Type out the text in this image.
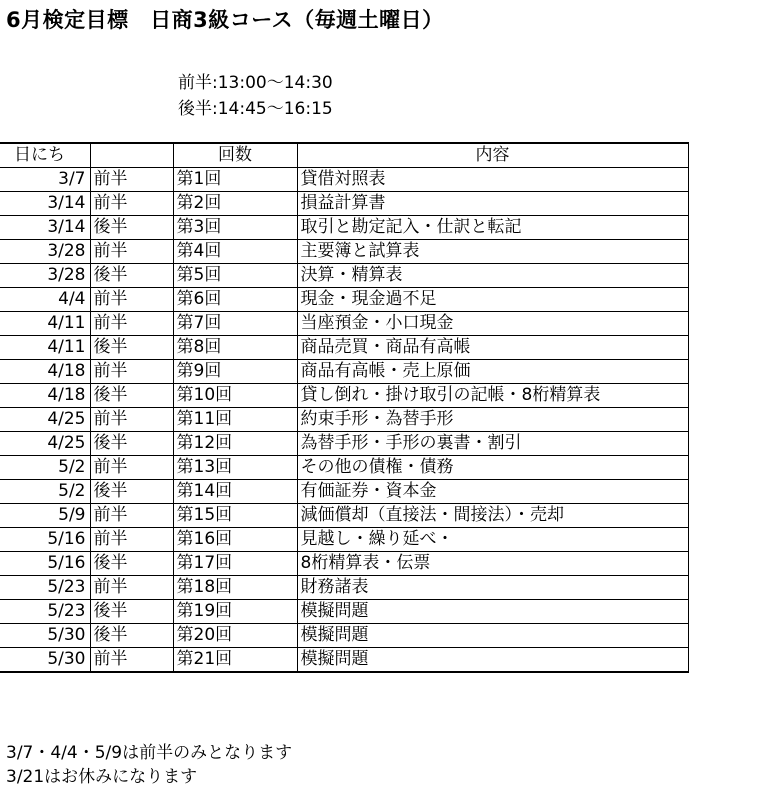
6月検定目標　日商3級コース（毎週土曜日）
前半:13:00〜14:30
後半:14:45〜16:15
日にち		回数	内容
3/7	前半	第1回	貸借対照表
3/14	前半	第2回	損益計算書
3/14	後半	第3回	取引と勘定記入・仕訳と転記
3/28	前半	第4回	主要簿と試算表
3/28	後半	第5回	決算・精算表
4/4	前半	第6回	現金・現金過不足
4/11	前半	第7回	当座預金・小口現金
4/11	後半	第8回	商品売買・商品有高帳
4/18	前半	第9回	商品有高帳・売上原価
4/18	後半	第10回	貸し倒れ・掛け取引の記帳・8桁精算表
4/25	前半	第11回	約束手形・為替手形
4/25	後半	第12回	為替手形・手形の裏書・割引
5/2	前半	第13回	その他の債権・債務
5/2	後半	第14回	有価証券・資本金
5/9	前半	第15回	減価償却（直接法・間接法）・売却
5/16	前半	第16回	見越し・繰り延べ・
5/16	後半	第17回	8桁精算表・伝票
5/23	前半	第18回	財務諸表
5/23	後半	第19回	模擬問題
5/30	後半	第20回	模擬問題
5/30	前半	第21回	模擬問題
3/7・4/4・5/9は前半のみとなります
3/21はお休みになります
